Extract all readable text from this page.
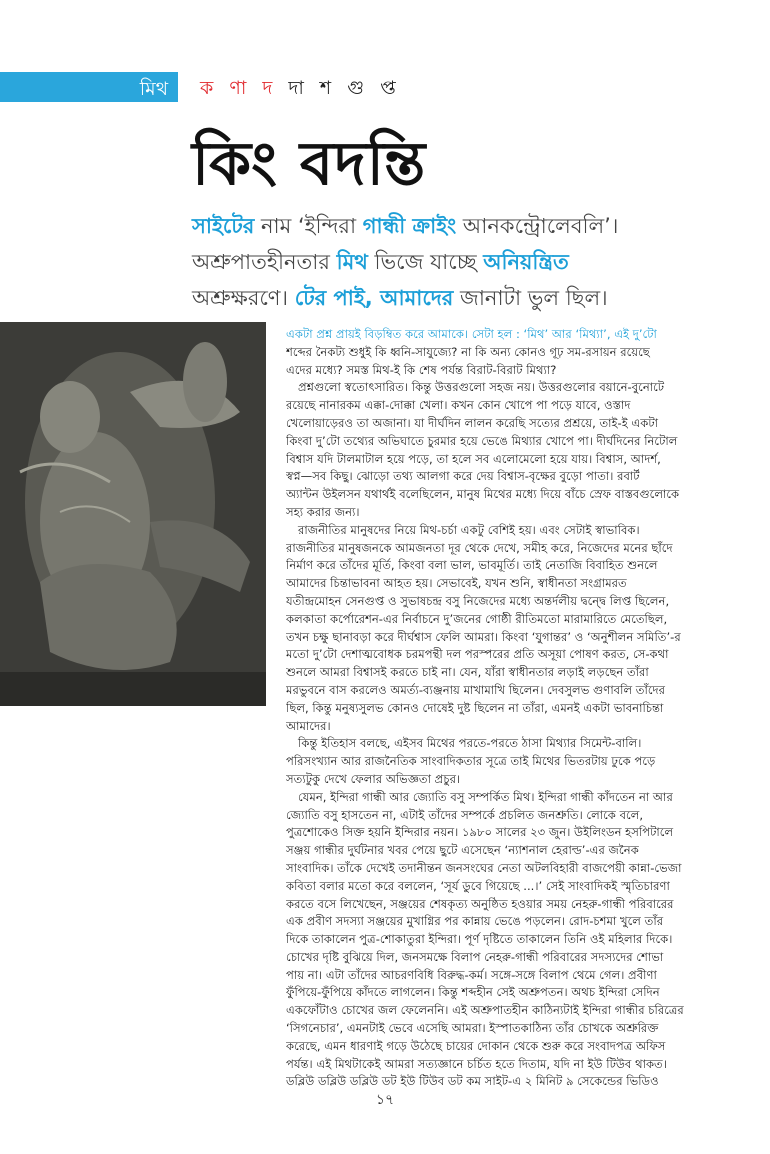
মিথ ক ণা দ দা শ গু প্ত
কিং বদন্তি

সাইটের নাম ‘ইন্দিরা গান্ধী ক্রাইং আনকন্ট্রোলেবলি’।
অশ্রুপাতহীনতার মিথ ভিজে যাচ্ছে অনিয়ন্ত্রিত
অশ্রুক্ষরণে। টের পাই, আমাদের জানাটা ভুল ছিল।

একটা প্রশ্ন প্রায়ই বিড়ম্বিত করে আমাকে। সেটা হল : ‘মিথ’ আর ‘মিথ্যা’, এই দু’টো
শব্দের নৈকট্য শুধুই কি ধ্বনি-সাযুজ্যে? না কি অন্য কোনও গূঢ় সম-রসায়ন রয়েছে
এদের মধ্যে? সমস্ত মিথ-ই কি শেষ পর্যন্ত বিরাট-বিরাট মিথ্যা?
প্রশ্নগুলো স্বতোৎসারিত। কিন্তু উত্তরগুলো সহজ নয়। উত্তরগুলোর বয়ানে-বুনোটে
রয়েছে নানারকম এক্কা-দোক্কা খেলা। কখন কোন খোপে পা পড়ে যাবে, ওস্তাদ
খেলোয়াড়েরও তা অজানা। যা দীর্ঘদিন লালন করেছি সত্যের প্রশ্রয়ে, তাই-ই একটা
কিংবা দু’টো তথ্যের অভিঘাতে চুরমার হয়ে ভেঙে মিথ্যার খোপে পা। দীর্ঘদিনের নিটোল
বিশ্বাস যদি টালমাটাল হয়ে পড়ে, তা হলে সব এলোমেলো হয়ে যায়। বিশ্বাস, আদর্শ,
স্বপ্ন—সব কিছু। ঝোড়ো তথ্য আলগা করে দেয় বিশ্বাস-বৃক্ষের বুড়ো পাতা। রবার্ট
অ্যান্টন উইলসন যথার্থই বলেছিলেন, মানুষ মিথের মধ্যে দিয়ে বাঁচে স্রেফ বাস্তবগুলোকে
সহ্য করার জন্য।
রাজনীতির মানুষদের নিয়ে মিথ-চর্চা একটু বেশিই হয়। এবং সেটাই স্বাভাবিক।
রাজনীতির মানুষজনকে আমজনতা দূর থেকে দেখে, সমীহ করে, নিজেদের মনের ছাঁদে
নির্মাণ করে তাঁদের মূর্তি, কিংবা বলা ভাল, ভাবমূর্তি। তাই নেতাজি বিবাহিত শুনলে
আমাদের চিন্তাভাবনা আহত হয়। সেভাবেই, যখন শুনি, স্বাধীনতা সংগ্রামরত
যতীন্দ্রমোহন সেনগুপ্ত ও সুভাষচন্দ্র বসু নিজেদের মধ্যে অন্তর্দলীয় দ্বন্দ্বে লিপ্ত ছিলেন,
কলকাতা কর্পোরেশন-এর নির্বাচনে দু’জনের গোষ্ঠী রীতিমতো মারামারিতে মেতেছিল,
তখন চক্ষু ছানাবড়া করে দীর্ঘশ্বাস ফেলি আমরা। কিংবা ‘যুগান্তর’ ও ‘অনুশীলন সমিতি’-র
মতো দু’টো দেশাত্মবোধক চরমপন্থী দল পরস্পরের প্রতি অসূয়া পোষণ করত, সে-কথা
শুনলে আমরা বিশ্বাসই করতে চাই না। যেন, যাঁরা স্বাধীনতার লড়াই লড়ছেন তাঁরা
মরভুবনে বাস করলেও অমর্ত্য-ব্যঞ্জনায় মাখামাখি ছিলেন। দেবসুলভ গুণাবলি তাঁদের
ছিল, কিন্তু মনুষ্যসুলভ কোনও দোষেই দুষ্ট ছিলেন না তাঁরা, এমনই একটা ভাবনাচিন্তা
আমাদের।
কিন্তু ইতিহাস বলছে, এইসব মিথের পরতে-পরতে ঠাসা মিথ্যার সিমেন্ট-বালি।
পরিসংখ্যান আর রাজনৈতিক সাংবাদিকতার সূত্রে তাই মিথের ভিতরটায় ঢুকে পড়ে
সত্যটুকু দেখে ফেলার অভিজ্ঞতা প্রচুর।
যেমন, ইন্দিরা গান্ধী আর জ্যোতি বসু সম্পর্কিত মিথ। ইন্দিরা গান্ধী কাঁদতেন না আর
জ্যোতি বসু হাসতেন না, এটাই তাঁদের সম্পর্কে প্রচলিত জনশ্রুতি। লোকে বলে,
পুত্রশোকেও সিক্ত হয়নি ইন্দিরার নয়ন। ১৯৮০ সালের ২৩ জুন। উইলিংডন হসপিটালে
সঞ্জয় গান্ধীর দুর্ঘটনার খবর পেয়ে ছুটে এসেছেন ‘ন্যাশনাল হেরাল্ড’-এর জনৈক
সাংবাদিক। তাঁকে দেখেই তদানীন্তন জনসংঘের নেতা অটলবিহারী বাজপেয়ী কান্না-ভেজা
কবিতা বলার মতো করে বললেন, ‘সূর্য ডুবে গিয়েছে ...।’ সেই সাংবাদিকই স্মৃতিচারণা
করতে বসে লিখেছেন, সঞ্জয়ের শেষকৃত্য অনুষ্ঠিত হওয়ার সময় নেহরু-গান্ধী পরিবারের
এক প্রবীণ সদস্যা সঞ্জয়ের মুখাগ্নির পর কান্নায় ভেঙে পড়লেন। রোদ-চশমা খুলে তাঁর
দিকে তাকালেন পুত্র-শোকাতুরা ইন্দিরা। পূর্ণ দৃষ্টিতে তাকালেন তিনি ওই মহিলার দিকে।
চোখের দৃষ্টি বুঝিয়ে দিল, জনসমক্ষে বিলাপ নেহরু-গান্ধী পরিবারের সদস্যদের শোভা
পায় না। এটা তাঁদের আচরণবিধি বিরুদ্ধ-কর্ম। সঙ্গে-সঙ্গে বিলাপ থেমে গেল। প্রবীণা
ফুঁপিয়ে-ফুঁপিয়ে কাঁদতে লাগলেন। কিন্তু শব্দহীন সেই অশ্রুপতন। অথচ ইন্দিরা সেদিন
একফোঁটাও চোখের জল ফেলেননি। এই অশ্রুপাতহীন কাঠিন্যটাই ইন্দিরা গান্ধীর চরিত্রের
‘সিগনেচার’, এমনটাই ভেবে এসেছি আমরা। ইস্পাতকাঠিন্য তাঁর চোখকে অশ্রুরিক্ত
করেছে, এমন ধারণাই গড়ে উঠেছে চায়ের দোকান থেকে শুরু করে সংবাদপত্র অফিস
পর্যন্ত। এই মিথটাকেই আমরা সত্যজ্ঞানে চর্চিত হতে দিতাম, যদি না ইউ টিউব থাকত।
ডব্লিউ ডব্লিউ ডব্লিউ ডট ইউ টিউব ডট কম সাইট-এ ২ মিনিট ৯ সেকেন্ডের ভিডিও
১৭
